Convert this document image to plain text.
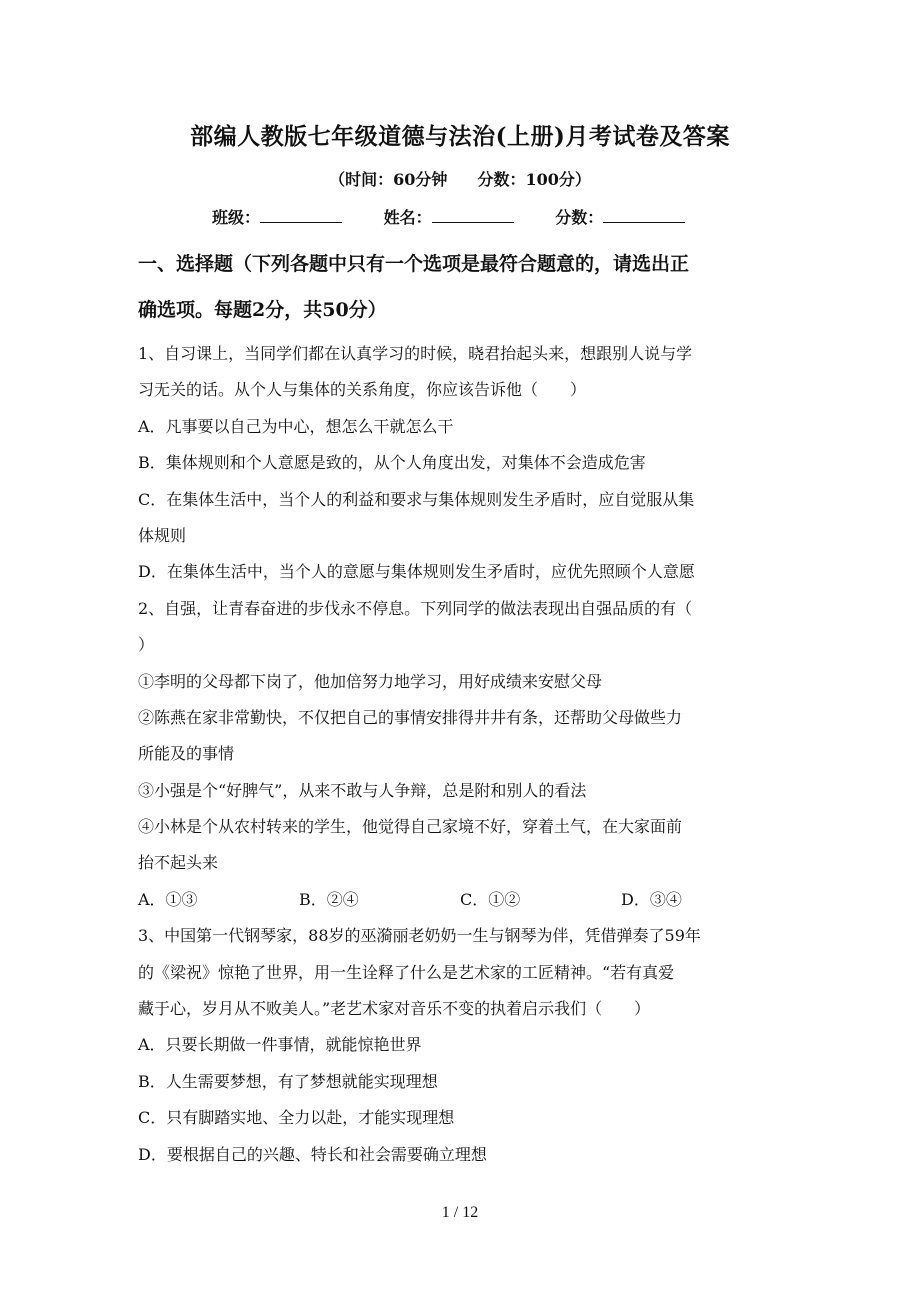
部编人教版七年级道德与法治(上册)月考试卷及答案
（时间：60分钟 分数：100分）
班级：	姓名：	分数：
一、选择题（下列各题中只有一个选项是最符合题意的，请选出正
确选项。每题2分，共50分）
1、自习课上，当同学们都在认真学习的时候，晓君抬起头来，想跟别人说与学
习无关的话。从个人与集体的关系角度，你应该告诉他（　　）
A．凡事要以自己为中心，想怎么干就怎么干
B．集体规则和个人意愿是致的，从个人角度出发，对集体不会造成危害
C．在集体生活中，当个人的利益和要求与集体规则发生矛盾时，应自觉服从集
体规则
D．在集体生活中，当个人的意愿与集体规则发生矛盾时，应优先照顾个人意愿
2、自强，让青春奋进的步伐永不停息。下列同学的做法表现出自强品质的有（
）
①李明的父母都下岗了，他加倍努力地学习，用好成绩来安慰父母
②陈燕在家非常勤快，不仅把自己的事情安排得井井有条，还帮助父母做些力
所能及的事情
③小强是个“好脾气”，从来不敢与人争辩，总是附和别人的看法
④小林是个从农村转来的学生，他觉得自己家境不好，穿着土气，在大家面前
抬不起头来
A．①③	B．②④	C．①②	D．③④
3、中国第一代钢琴家，88岁的巫漪丽老奶奶一生与钢琴为伴，凭借弹奏了59年
的《梁祝》惊艳了世界，用一生诠释了什么是艺术家的工匠精神。“若有真爱
藏于心，岁月从不败美人。”老艺术家对音乐不变的执着启示我们（　　）
A．只要长期做一件事情，就能惊艳世界
B．人生需要梦想，有了梦想就能实现理想
C．只有脚踏实地、全力以赴，才能实现理想
D．要根据自己的兴趣、特长和社会需要确立理想
1 / 12
